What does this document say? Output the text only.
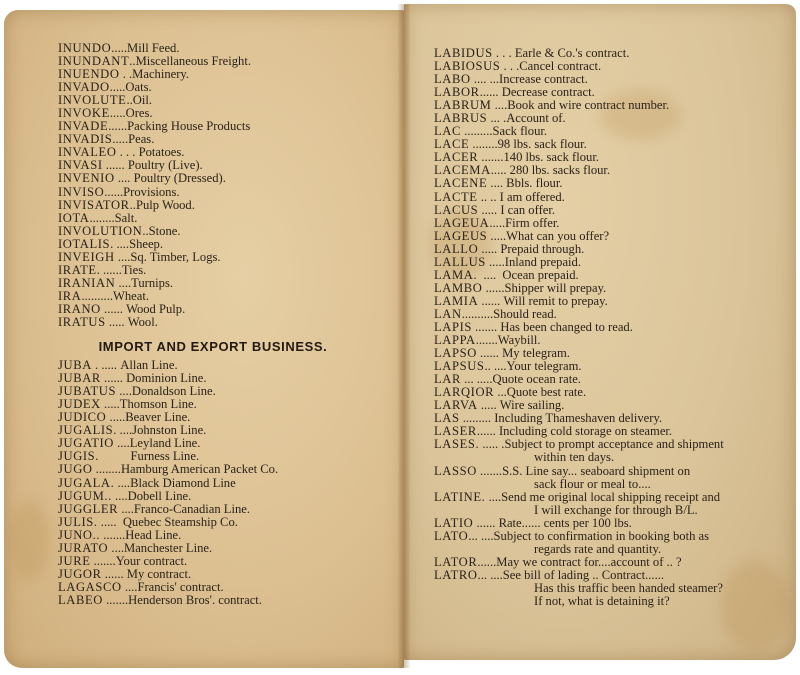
INUNDO ..... Mill Feed.
INUNDANT .. Miscellaneous Freight.
INUENDO . . Machinery.
INVADO ..... Oats.
INVOLUTE .. Oil.
INVOKE ..... Ores.
INVADE ...... Packing House Products
INVADIS ..... Peas.
INVALEO . . . Potatoes.
INVASI ...... Poultry (Live).
INVENIO .... Poultry (Dressed).
INVISO ...... Provisions.
INVISATOR .. Pulp Wood.
IOTA ........ Salt.
INVOLUTION .. Stone.
IOTALIS . .... Sheep.
INVEIGH .... Sq. Timber, Logs.
IRATE . ...... Ties.
IRANIAN .... Turnips.
IRA .......... Wheat.
IRANO ...... Wood Pulp.
IRATUS ..... Wool.
IMPORT AND EXPORT BUSINESS.
JUBA . ..... Allan Line.
JUBAR ...... Dominion Line.
JUBATUS .... Donaldson Line.
JUDEX ..... Thomson Line.
JUDICO ..... Beaver Line.
JUGALIS . .... Johnston Line.
JUGATIO .... Leyland Line.
JUGIS.
Furness Line.
JUGO ........ Hamburg American Packet Co.
JUGALA. .... Black Diamond Line
JUGUM.. .... Dobell Line.
JUGGLER .... Franco-Canadian Line.
JULIS. ..... Quebec Steamship Co.
JUNO.. ....... Head Line.
JURATO .... Manchester Line.
JURE ....... Your contract.
JUGOR ...... My contract.
LAGASCO .... Francis' contract.
LABEO ....... Henderson Bros'. contract.
LABIDUS . . . Earle & Co.'s contract.
LABIOSUS . . . Cancel contract.
LABO .... ... Increase contract.
LABOR ...... Decrease contract.
LABRUM .... Book and wire contract number.
LABRUS ... . Account of.
LAC ......... Sack flour.
LACE ........ 98 lbs. sack flour.
LACER ....... 140 lbs. sack flour.
LACEMA ..... 280 lbs. sacks flour.
LACENE .... Bbls. flour.
LACTE .. .. I am offered.
LACUS ..... I can offer.
LAGEUA ..... Firm offer.
LAGEUS ..... What can you offer?
LALLO ..... Prepaid through.
LALLUS ..... Inland prepaid.
LAMA. .... Ocean prepaid.
LAMBO ...... Shipper will prepay.
LAMIA ...... Will remit to prepay.
LAN .......... Should read.
LAPIS ....... Has been changed to read.
LAPPA ....... Waybill.
LAPSO ...... My telegram.
LAPSUS .. .... Your telegram.
LAR ... ..... Quote ocean rate.
LARQIOR ... Quote best rate.
LARVA ..... Wire sailing.
LAS ......... Including Thameshaven delivery.
LASER ...... Including cold storage on steamer.
LASES. ..... . Subject to prompt acceptance and shipment
within ten days.
LASSO ....... S.S. Line say... seaboard shipment on
sack flour or meal to....
LATINE. .... Send me original local shipping receipt and
I will exchange for through B/L.
LATIO ...... Rate...... cents per 100 lbs.
LATO ... .... Subject to confirmation in booking both as
regards rate and quantity.
LATOR ...... May we contract for....account of .. ?
LATRO ... .... See bill of lading .. Contract......
Has this traffic been handed steamer?
If not, what is detaining it?
